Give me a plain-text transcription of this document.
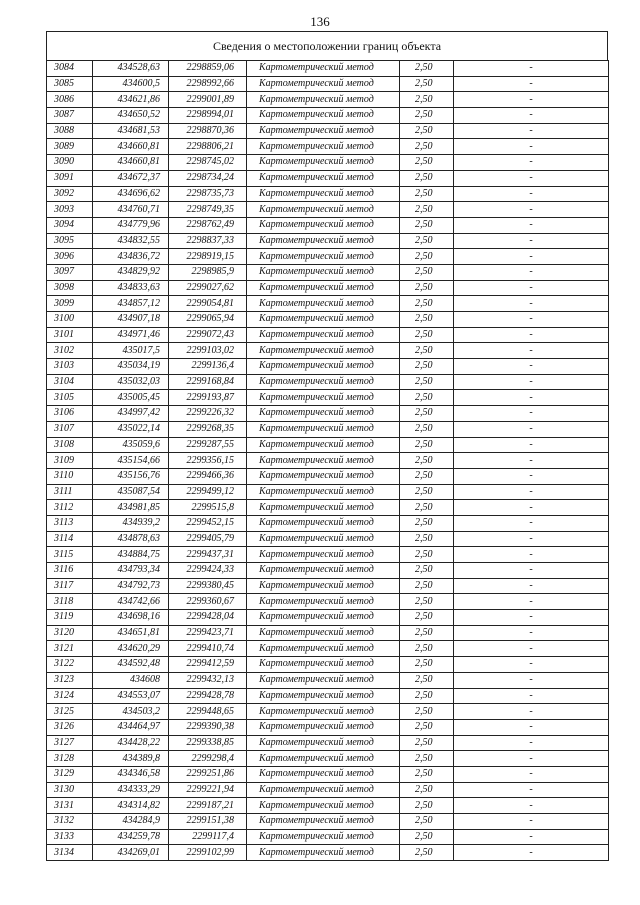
136
Сведения о местоположении границ объекта
3084	434528,63	2298859,06	Картометрический метод	2,50	-
3085	434600,5	2298992,66	Картометрический метод	2,50	-
3086	434621,86	2299001,89	Картометрический метод	2,50	-
3087	434650,52	2298994,01	Картометрический метод	2,50	-
3088	434681,53	2298870,36	Картометрический метод	2,50	-
3089	434660,81	2298806,21	Картометрический метод	2,50	-
3090	434660,81	2298745,02	Картометрический метод	2,50	-
3091	434672,37	2298734,24	Картометрический метод	2,50	-
3092	434696,62	2298735,73	Картометрический метод	2,50	-
3093	434760,71	2298749,35	Картометрический метод	2,50	-
3094	434779,96	2298762,49	Картометрический метод	2,50	-
3095	434832,55	2298837,33	Картометрический метод	2,50	-
3096	434836,72	2298919,15	Картометрический метод	2,50	-
3097	434829,92	2298985,9	Картометрический метод	2,50	-
3098	434833,63	2299027,62	Картометрический метод	2,50	-
3099	434857,12	2299054,81	Картометрический метод	2,50	-
3100	434907,18	2299065,94	Картометрический метод	2,50	-
3101	434971,46	2299072,43	Картометрический метод	2,50	-
3102	435017,5	2299103,02	Картометрический метод	2,50	-
3103	435034,19	2299136,4	Картометрический метод	2,50	-
3104	435032,03	2299168,84	Картометрический метод	2,50	-
3105	435005,45	2299193,87	Картометрический метод	2,50	-
3106	434997,42	2299226,32	Картометрический метод	2,50	-
3107	435022,14	2299268,35	Картометрический метод	2,50	-
3108	435059,6	2299287,55	Картометрический метод	2,50	-
3109	435154,66	2299356,15	Картометрический метод	2,50	-
3110	435156,76	2299466,36	Картометрический метод	2,50	-
3111	435087,54	2299499,12	Картометрический метод	2,50	-
3112	434981,85	2299515,8	Картометрический метод	2,50	-
3113	434939,2	2299452,15	Картометрический метод	2,50	-
3114	434878,63	2299405,79	Картометрический метод	2,50	-
3115	434884,75	2299437,31	Картометрический метод	2,50	-
3116	434793,34	2299424,33	Картометрический метод	2,50	-
3117	434792,73	2299380,45	Картометрический метод	2,50	-
3118	434742,66	2299360,67	Картометрический метод	2,50	-
3119	434698,16	2299428,04	Картометрический метод	2,50	-
3120	434651,81	2299423,71	Картометрический метод	2,50	-
3121	434620,29	2299410,74	Картометрический метод	2,50	-
3122	434592,48	2299412,59	Картометрический метод	2,50	-
3123	434608	2299432,13	Картометрический метод	2,50	-
3124	434553,07	2299428,78	Картометрический метод	2,50	-
3125	434503,2	2299448,65	Картометрический метод	2,50	-
3126	434464,97	2299390,38	Картометрический метод	2,50	-
3127	434428,22	2299338,85	Картометрический метод	2,50	-
3128	434389,8	2299298,4	Картометрический метод	2,50	-
3129	434346,58	2299251,86	Картометрический метод	2,50	-
3130	434333,29	2299221,94	Картометрический метод	2,50	-
3131	434314,82	2299187,21	Картометрический метод	2,50	-
3132	434284,9	2299151,38	Картометрический метод	2,50	-
3133	434259,78	2299117,4	Картометрический метод	2,50	-
3134	434269,01	2299102,99	Картометрический метод	2,50	-
